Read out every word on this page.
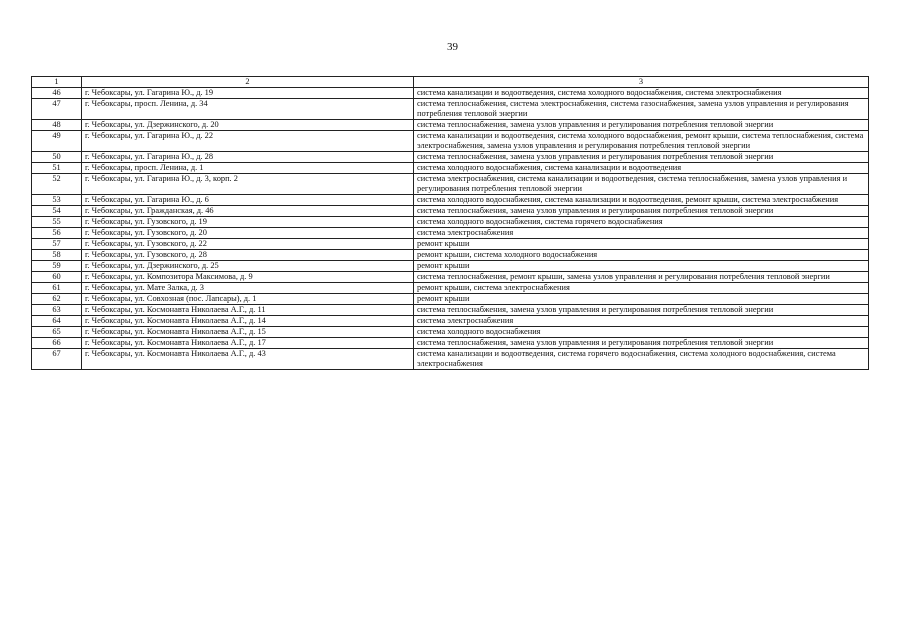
39
1	2	3
46	г. Чебоксары, ул. Гагарина Ю., д. 19	система канализации и водоотведения, система холодного водоснабжения, система электроснабжения
47	г. Чебоксары, просп. Ленина, д. 34	система теплоснабжения, система электроснабжения, система газоснабжения, замена узлов управления и регулирования потребления тепловой энергии
48	г. Чебоксары, ул. Дзержинского, д. 20	система теплоснабжения, замена узлов управления и регулирования потребления тепловой энергии
49	г. Чебоксары, ул. Гагарина Ю., д. 22	система канализации и водоотведения, система холодного водоснабжения, ремонт крыши, система теплоснабжения, система электроснабжения, замена узлов управления и регулирования потребления тепловой энергии
50	г. Чебоксары, ул. Гагарина Ю., д. 28	система теплоснабжения, замена узлов управления и регулирования потребления тепловой энергии
51	г. Чебоксары, просп. Ленина, д. 1	система холодного водоснабжения, система канализации и водоотведения
52	г. Чебоксары, ул. Гагарина Ю., д. 3, корп. 2	система электроснабжения, система канализации и водоотведения, система теплоснабжения, замена узлов управления и регулирования потребления тепловой энергии
53	г. Чебоксары, ул. Гагарина Ю., д. 6	система холодного водоснабжения, система канализации и водоотведения, ремонт крыши, система электроснабжения
54	г. Чебоксары, ул. Гражданская, д. 46	система теплоснабжения, замена узлов управления и регулирования потребления тепловой энергии
55	г. Чебоксары, ул. Гузовского, д. 19	система холодного водоснабжения, система горячего водоснабжения
56	г. Чебоксары, ул. Гузовского, д. 20	система электроснабжения
57	г. Чебоксары, ул. Гузовского, д. 22	ремонт крыши
58	г. Чебоксары, ул. Гузовского, д. 28	ремонт крыши, система холодного водоснабжения
59	г. Чебоксары, ул. Дзержинского, д. 25	ремонт крыши
60	г. Чебоксары, ул. Композитора Максимова, д. 9	система теплоснабжения, ремонт крыши, замена узлов управления и регулирования потребления тепловой энергии
61	г. Чебоксары, ул. Мате Залка, д. 3	ремонт крыши, система электроснабжения
62	г. Чебоксары, ул. Совхозная (пос. Лапсары), д. 1	ремонт крыши
63	г. Чебоксары, ул. Космонавта Николаева А.Г., д. 11	система теплоснабжения, замена узлов управления и регулирования потребления тепловой энергии
64	г. Чебоксары, ул. Космонавта Николаева А.Г., д. 14	система электроснабжения
65	г. Чебоксары, ул. Космонавта Николаева А.Г., д. 15	система холодного водоснабжения
66	г. Чебоксары, ул. Космонавта Николаева А.Г., д. 17	система теплоснабжения, замена узлов управления и регулирования потребления тепловой энергии
67	г. Чебоксары, ул. Космонавта Николаева А.Г., д. 43	система канализации и водоотведения, система горячего водоснабжения, система холодного водоснабжения, система электроснабжения
